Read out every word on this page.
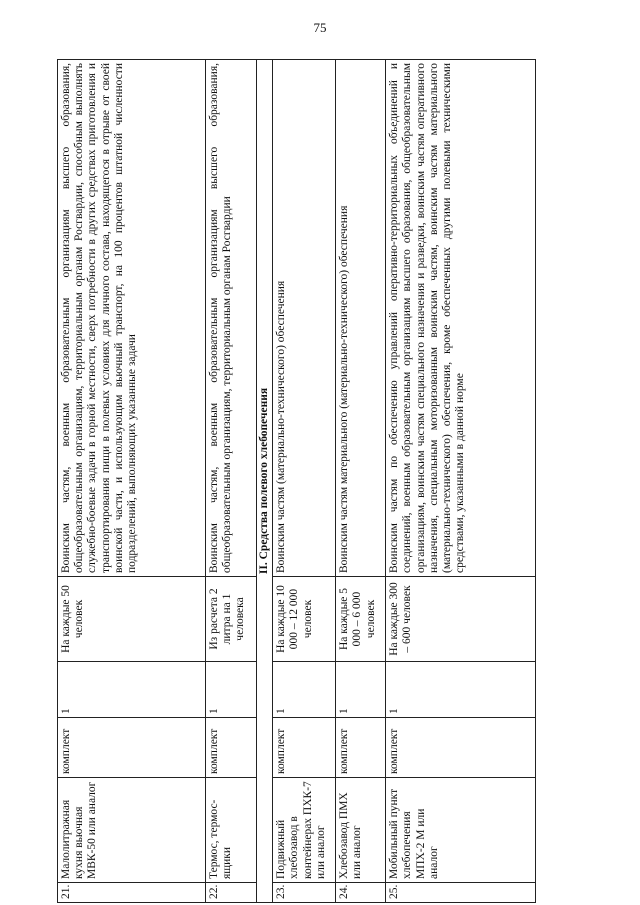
75
21.	Малолитражная кухня вьючная МВК-50 или аналог	комплект	1	На каждые 50 человек	Воинским частям, военным образовательным организациям высшего образования, общеобразовательным организациям, территориальным органам Росгвардии, способным выполнять служебно-боевые задачи в горной местности, сверх потребности в других средствах приготовления и транспортирования пищи в полевых условиях для личного состава, находящегося в отрыве от своей воинской части, и использующим вьючный транспорт, на 100 процентов штатной численности подразделений, выполняющих указанные задачи
22.	Термос, термос-ящики	комплект	1	Из расчета 2 литра на 1 человека	Воинским частям, военным образовательным организациям высшего образования, общеобразовательным организациям, территориальным органам Росгвардии
II. Средства полевого хлебопечения					
23.	Подвижный хлебозавод в контейнерах ПХК-7 или аналог	комплект	1	На каждые 10 000 – 12 000 человек	Воинским частям (материально-технического) обеспечения
24.	Хлебозавод ПМХ или аналог	комплект	1	На каждые 5 000 – 6 000 человек	Воинским частям материального (материально-технического) обеспечения
25.	Мобильный пункт хлебопечения МПХ-2 М или аналог	комплект	1	На каждые 300 – 600 человек	Воинским частям по обеспечению управлений оперативно-территориальных объединений и соединений, военным образовательным организациям высшего образования, общеобразовательным организациям, воинским частям специального назначения и разведки, воинским частям оперативного назначения, специальным моторизованным воинским частям, воинским частям материального (материально-технического) обеспечения, кроме обеспеченных другими полевыми техническими средствами, указанными в данной норме
